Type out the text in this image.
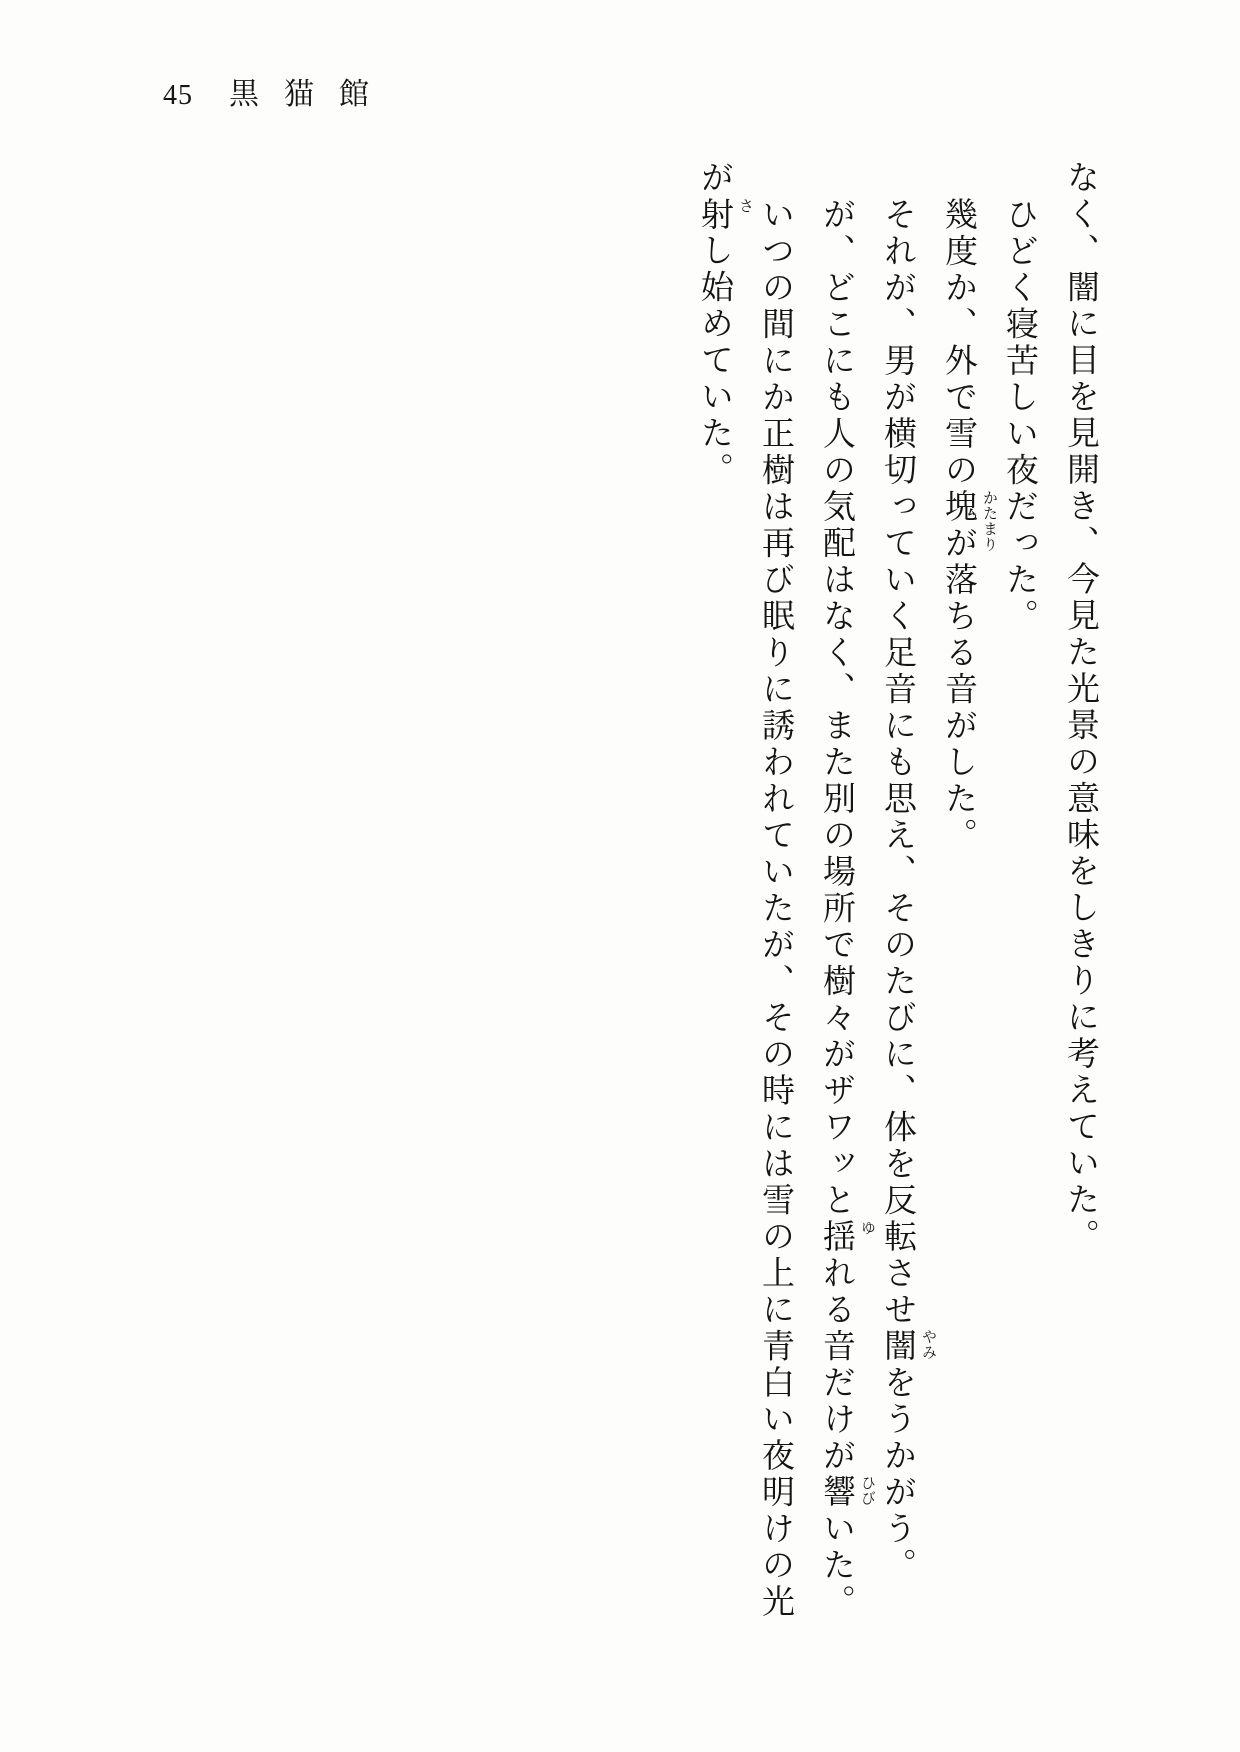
45 黒猫館

なく、闇に目を見開き、今見た光景の意味をしきりに考えていた。

ひどく寝苦しい夜だった。

幾度か、外で雪の塊 かたまり
が落ちる音がした。

それが、男が横切っていく足音にも思え、そのたびに、体を反転させ闇 やみ
をうかがう。

が、どこにも人の気配はなく、また別の場所で樹々がザワッと揺 ゆ
れる音だけが響 ひび
いた。

いつの間にか正樹は再び眠りに誘われていたが、その時には雪の上に青白い夜明けの光が射 さ
し始めていた。
